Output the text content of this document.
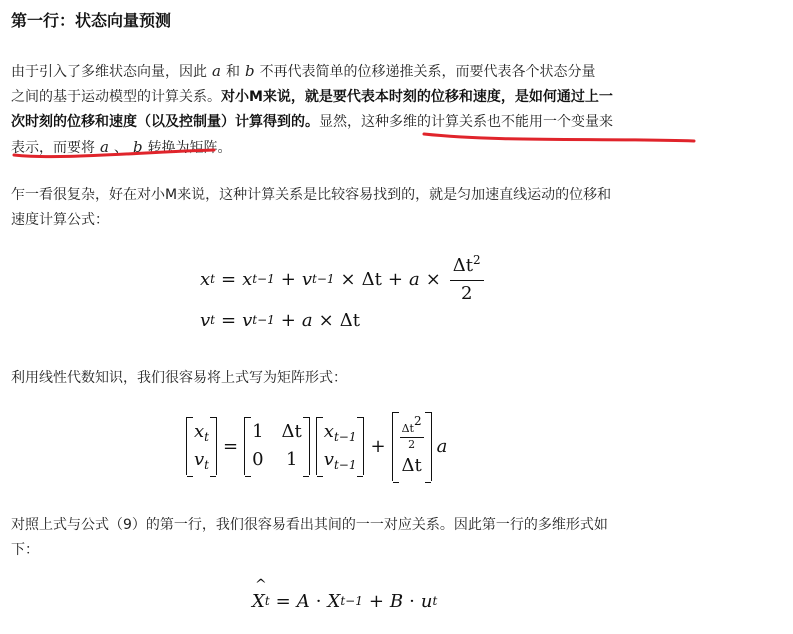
第一行：状态向量预测
由于引入了多维状态向量，因此 a 和 b 不再代表简单的位移递推关系，而要代表各个状态分量
之间的基于运动模型的计算关系。对小M来说，就是要代表本时刻的位移和速度，是如何通过上一
次时刻的位移和速度（以及控制量）计算得到的。显然，这种多维的计算关系也不能用一个变量来
表示，而要将 a 、 b 转换为矩阵。
乍一看很复杂，好在对小M来说，这种计算关系是比较容易找到的，就是匀加速直线运动的位移和
速度计算公式：
x t = x t−1 + v $t-1 \times \Delta t + a \times \frac{\Delta t^2}{2}$
v t = v t−1 + a × Δt
利用线性代数知识，我们很容易将上式写为矩阵形式：
$x_t$
$v_t$
=
1 Δt
0 1
$x_{t-1}$
$v_{t-1}$
+	$\frac{\Delta t^2}{2}$
Δt
a
对照上式与公式（9）的第一行，我们很容易看出其间的一一对应关系。因此第一行的多维形式如
下：
^ X t = A · X t−1 + B · u t
